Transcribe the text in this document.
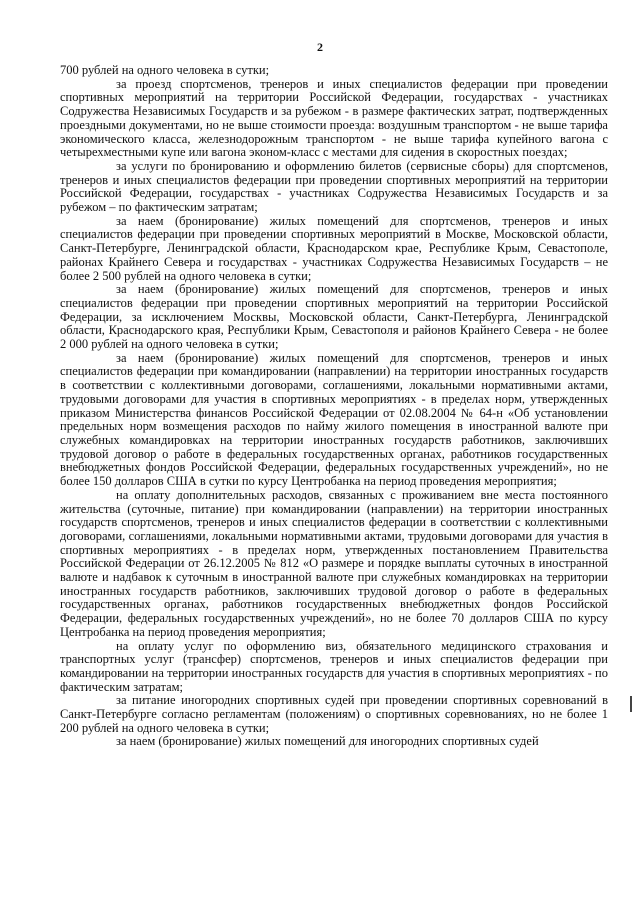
2

700 рублей на одного человека в сутки;

за проезд спортсменов, тренеров и иных специалистов федерации при проведении спортивных мероприятий на территории Российской Федерации, государствах - участниках Содружества Независимых Государств и за рубежом - в размере фактических затрат, подтвержденных проездными документами, но не выше стоимости проезда: воздушным транспортом - не выше тарифа экономического класса, железнодорожным транспортом - не выше тарифа купейного вагона с четырехместными купе или вагона эконом-класс с местами для сидения в скоростных поездах;

за услуги по бронированию и оформлению билетов (сервисные сборы) для спортсменов, тренеров и иных специалистов федерации при проведении спортивных мероприятий на территории Российской Федерации, государствах - участниках Содружества Независимых Государств и за рубежом – по фактическим затратам;

за наем (бронирование) жилых помещений для спортсменов, тренеров и иных специалистов федерации при проведении спортивных мероприятий в Москве, Московской области, Санкт-Петербурге, Ленинградской области, Краснодарском крае, Республике Крым, Севастополе, районах Крайнего Севера и государствах - участниках Содружества Независимых Государств – не более 2 500 рублей на одного человека в сутки;

за наем (бронирование) жилых помещений для спортсменов, тренеров и иных специалистов федерации при проведении спортивных мероприятий на территории Российской Федерации, за исключением Москвы, Московской области, Санкт-Петербурга, Ленинградской области, Краснодарского края, Республики Крым, Севастополя и районов Крайнего Севера - не более 2 000 рублей на одного человека в сутки;

за наем (бронирование) жилых помещений для спортсменов, тренеров и иных специалистов федерации при командировании (направлении) на территории иностранных государств в соответствии с коллективными договорами, соглашениями, локальными нормативными актами, трудовыми договорами для участия в спортивных мероприятиях - в пределах норм, утвержденных приказом Министерства финансов Российской Федерации от 02.08.2004 № 64-н «Об установлении предельных норм возмещения расходов по найму жилого помещения в иностранной валюте при служебных командировках на территории иностранных государств работников, заключивших трудовой договор о работе в федеральных государственных органах, работников государственных внебюджетных фондов Российской Федерации, федеральных государственных учреждений», но не более 150 долларов США в сутки по курсу Центробанка на период проведения мероприятия;

на оплату дополнительных расходов, связанных с проживанием вне места постоянного жительства (суточные, питание) при командировании (направлении) на территории иностранных государств спортсменов, тренеров и иных специалистов федерации в соответствии с коллективными договорами, соглашениями, локальными нормативными актами, трудовыми договорами для участия в спортивных мероприятиях - в пределах норм, утвержденных постановлением Правительства Российской Федерации от 26.12.2005 № 812 «О размере и порядке выплаты суточных в иностранной валюте и надбавок к суточным в иностранной валюте при служебных командировках на территории иностранных государств работников, заключивших трудовой договор о работе в федеральных государственных органах, работников государственных внебюджетных фондов Российской Федерации, федеральных государственных учреждений», но не более 70 долларов США по курсу Центробанка на период проведения мероприятия;

на оплату услуг по оформлению виз, обязательного медицинского страхования и транспортных услуг (трансфер) спортсменов, тренеров и иных специалистов федерации при командировании на территории иностранных государств для участия в спортивных мероприятиях - по фактическим затратам;

за питание иногородних спортивных судей при проведении спортивных соревнований в Санкт-Петербурге согласно регламентам (положениям) о спортивных соревнованиях, но не более 1 200 рублей на одного человека в сутки;

за наем (бронирование) жилых помещений для иногородних спортивных судей
